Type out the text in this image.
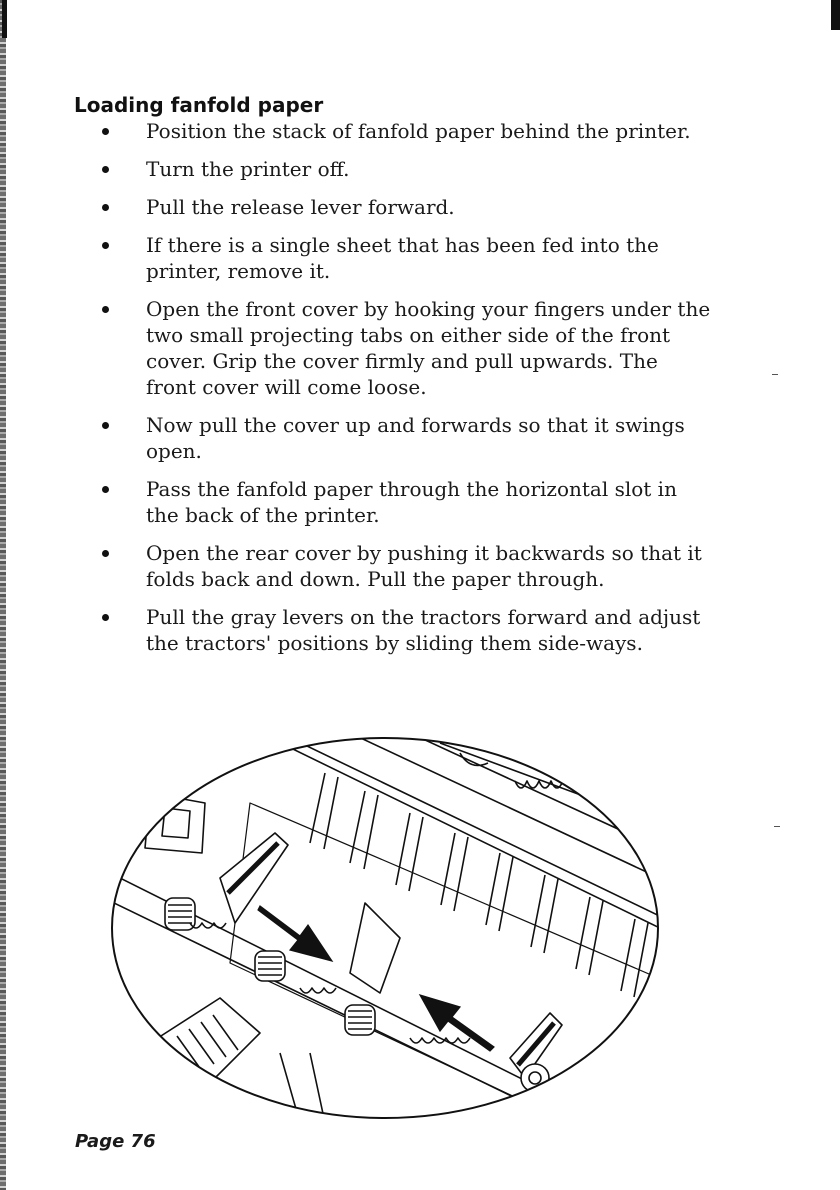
Loading fanfold paper
Position the stack of fanfold paper behind the printer.
Turn the printer off.
Pull the release lever forward.
If there is a single sheet that has been fed into the printer, remove it.
Open the front cover by hooking your fingers under the two small projecting tabs on either side of the front cover. Grip the cover firmly and pull upwards. The front cover will come loose.
Now pull the cover up and forwards so that it swings open.
Pass the fanfold paper through the horizontal slot in the back of the printer.
Open the rear cover by pushing it backwards so that it folds back and down. Pull the paper through.
Pull the gray levers on the tractors forward and adjust the tractors' positions by sliding them side-ways.
Page 76
